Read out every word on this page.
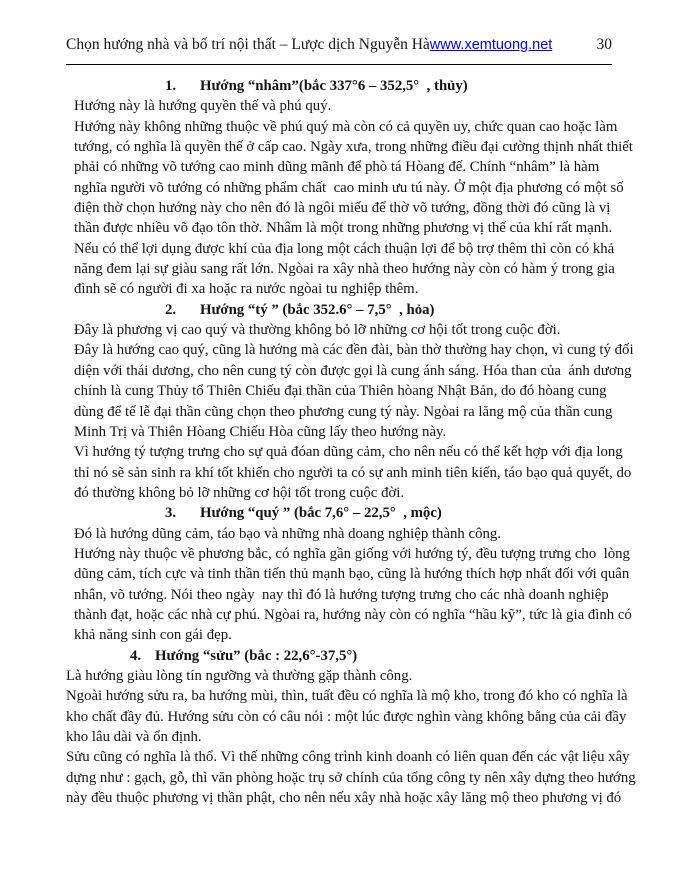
Chọn hướng nhà và bố trí nội thất – Lược dịch Nguyễn Hà www.xemtuong.net	30
1. Hướng “nhâm”(bắc 337°6 – 352,5°  , thủy)
Hướng này là hướng quyền thế và phú quý.
Hướng này không những thuộc về phú quý mà còn có cả quyền uy, chức quan cao hoặc làm
tướng, có nghĩa là quyền thế ở cấp cao. Ngày xưa, trong những điều đại cường thịnh nhất thiết
phải có những võ tướng cao minh dũng mãnh để phò tá Hòang đế. Chính “nhâm” là hàm
nghĩa người võ tướng có những phẩm chất  cao minh ưu tú này. Ở một địa phương có một số
điện thờ chọn hướng này cho nên đó là ngôi miếu để thờ võ tướng, đồng thời đó cũng là vị
thần được nhiều võ đạo tôn thờ. Nhâm là một trong những phương vị thế của khí rất mạnh.
Nếu có thể lợi dụng được khí của địa long một cách thuận lợi để bộ trợ thêm thì còn có khả
năng đem lại sự giàu sang rất lớn. Ngòai ra xây nhà theo hướng này còn có hàm ý trong gia
đình sẽ có người đi xa hoặc ra nước ngòai tu nghiệp thêm.
2. Hướng “tý ” (bắc 352.6° – 7,5°  , hỏa)
Đây là phương vị cao quý và thường không bỏ lỡ những cơ hội tốt trong cuộc đời.
Đây là hướng cao quý, cũng là hướng mà các đền đài, bàn thờ thường hay chọn, vì cung tý đối
diện với thái dương, cho nên cung tý còn được gọi là cung ánh sáng. Hóa than của  ánh dương
chính là cung Thủy tổ Thiên Chiếu đại thần của Thiên hòang Nhật Bản, do đó hòang cung
dùng để tế lễ đại thần cũng chọn theo phương cung tý này. Ngòai ra lăng mộ của thần cung
Minh Trị và Thiên Hòang Chiếu Hòa cũng lấy theo hướng này.
Vì hướng tý tượng trưng cho sự quả đóan dũng cảm, cho nên nếu có thể kết hợp với địa long
thỉ nó sẽ sản sinh ra khí tốt khiến cho người ta có sự anh minh tiên kiến, táo bạo quả quyết, do
đó thường không bỏ lỡ những cơ hội tốt trong cuộc đời.
3. Hướng “quý ” (bắc 7,6° – 22,5°  , mộc)
Đó là hướng dũng cảm, táo bạo và những nhà doang nghiệp thành công.
Hướng này thuộc về phương bắc, có nghĩa gần giống với hướng tý, đều tượng trưng cho  lòng
dũng cảm, tích cực và tinh thần tiến thủ mạnh bạo, cũng là hướng thích hợp nhất đối với quân
nhân, võ tướng. Nói theo ngày  nay thì đó là hướng tượng trưng cho các nhà doanh nghiệp
thành đạt, hoặc các nhà cự phú. Ngòai ra, hướng này còn có nghĩa “hầu kỹ”, tức là gia đình có
khả năng sinh con gái đẹp.
4. Hướng “sửu” (bắc : 22,6°-37,5°)
Là hướng giàu lòng tín ngưỡng và thường gặp thành công.
Ngoài hướng sửu ra, ba hướng mùi, thìn, tuất đều có nghĩa là mộ kho, trong đó kho có nghĩa là
kho chất đầy đủ. Hướng sửu còn có câu nói : một lúc được nghìn vàng không bằng của cải đầy
kho lâu dài và ổn định.
Sửu cũng có nghĩa là thổ. Vì thế những công trình kinh doanh có liên quan đến các vật liệu xây
dựng như : gạch, gỗ, thì văn phòng hoặc trụ sở chính của tổng công ty nên xây dựng theo hướng
này đều thuộc phương vị thần phật, cho nên nếu xây nhà hoặc xây lăng mộ theo phương vị đó
